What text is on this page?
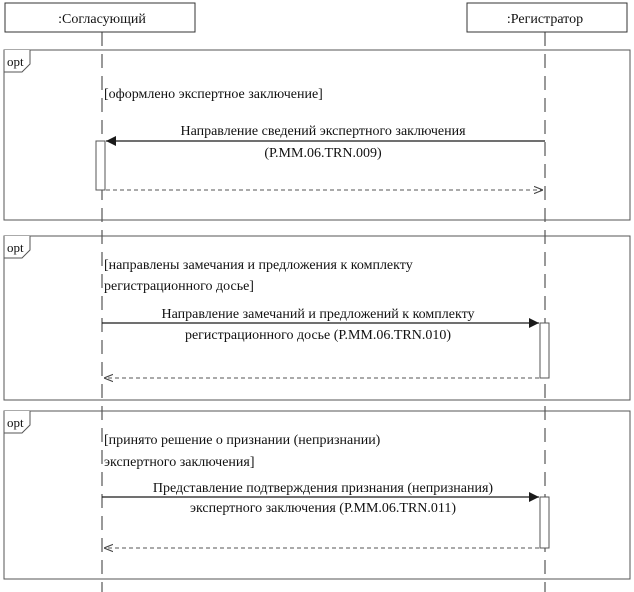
:Согласующий	:Регистратор
opt
[оформлено экспертное заключение]
Направление сведений экспертного заключения
(Р.ММ.06.TRN.009)
opt
[направлены замечания и предложения к комплекту
регистрационного досье]
Направление замечаний и предложений к комплекту
регистрационного досье (Р.ММ.06.TRN.010)
opt
[принято решение о признании (непризнании)
экспертного заключения]
Представление подтверждения признания (непризнания)
экспертного заключения (Р.ММ.06.TRN.011)
